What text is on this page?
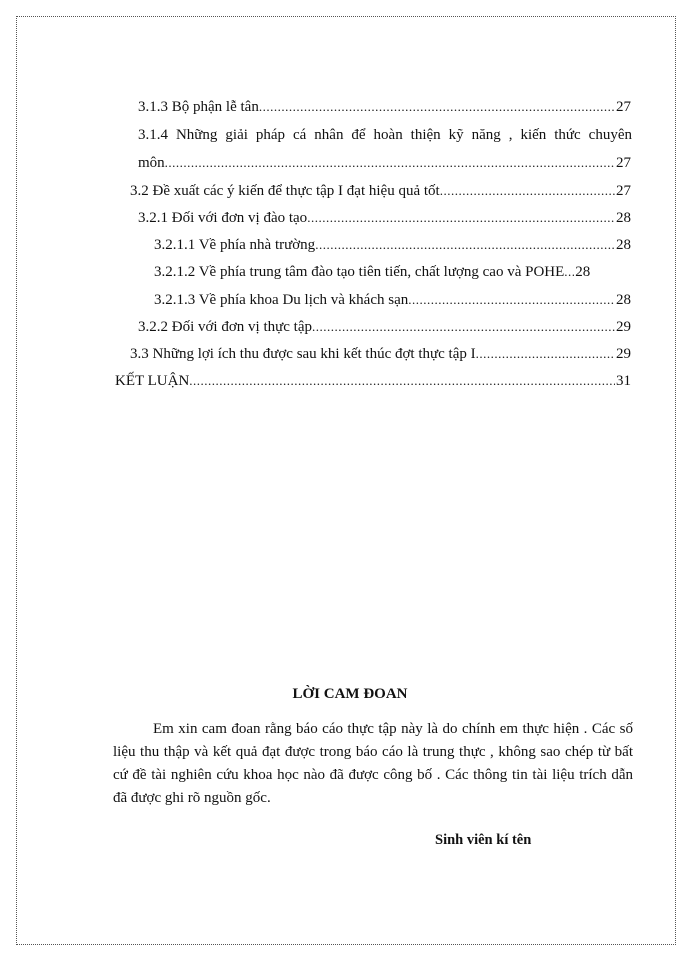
3.1.3 Bộ phận lễ tân .....	27
3.1.4 Những giải pháp cá nhân để hoàn thiện kỹ năng , kiến thức chuyên
môn .....	27
3.2 Đề xuất các ý kiến để thực tập I đạt hiệu quả tốt .....	27
3.2.1 Đối với đơn vị đào tạo .....	28
3.2.1.1 Về phía nhà trường .....	28
3.2.1.2 Về phía trung tâm đào tạo tiên tiến, chất lượng cao và POHE ..... 28
3.2.1.3 Về phía khoa Du lịch và khách sạn .....	28
3.2.2 Đối với đơn vị thực tập .....	29
3.3 Những lợi ích thu được sau khi kết thúc đợt thực tập I .....	29
KẾT LUẬN .....	31
LỜI CAM ĐOAN
Em xin cam đoan rằng báo cáo thực tập này là do chính em thực hiện . Các số liệu thu thập và kết quả đạt được trong báo cáo là trung thực , không sao chép từ bất cứ đề tài nghiên cứu khoa học nào đã được công bố . Các thông tin tài liệu trích dẫn đã được ghi rõ nguồn gốc.
Sinh viên kí tên
